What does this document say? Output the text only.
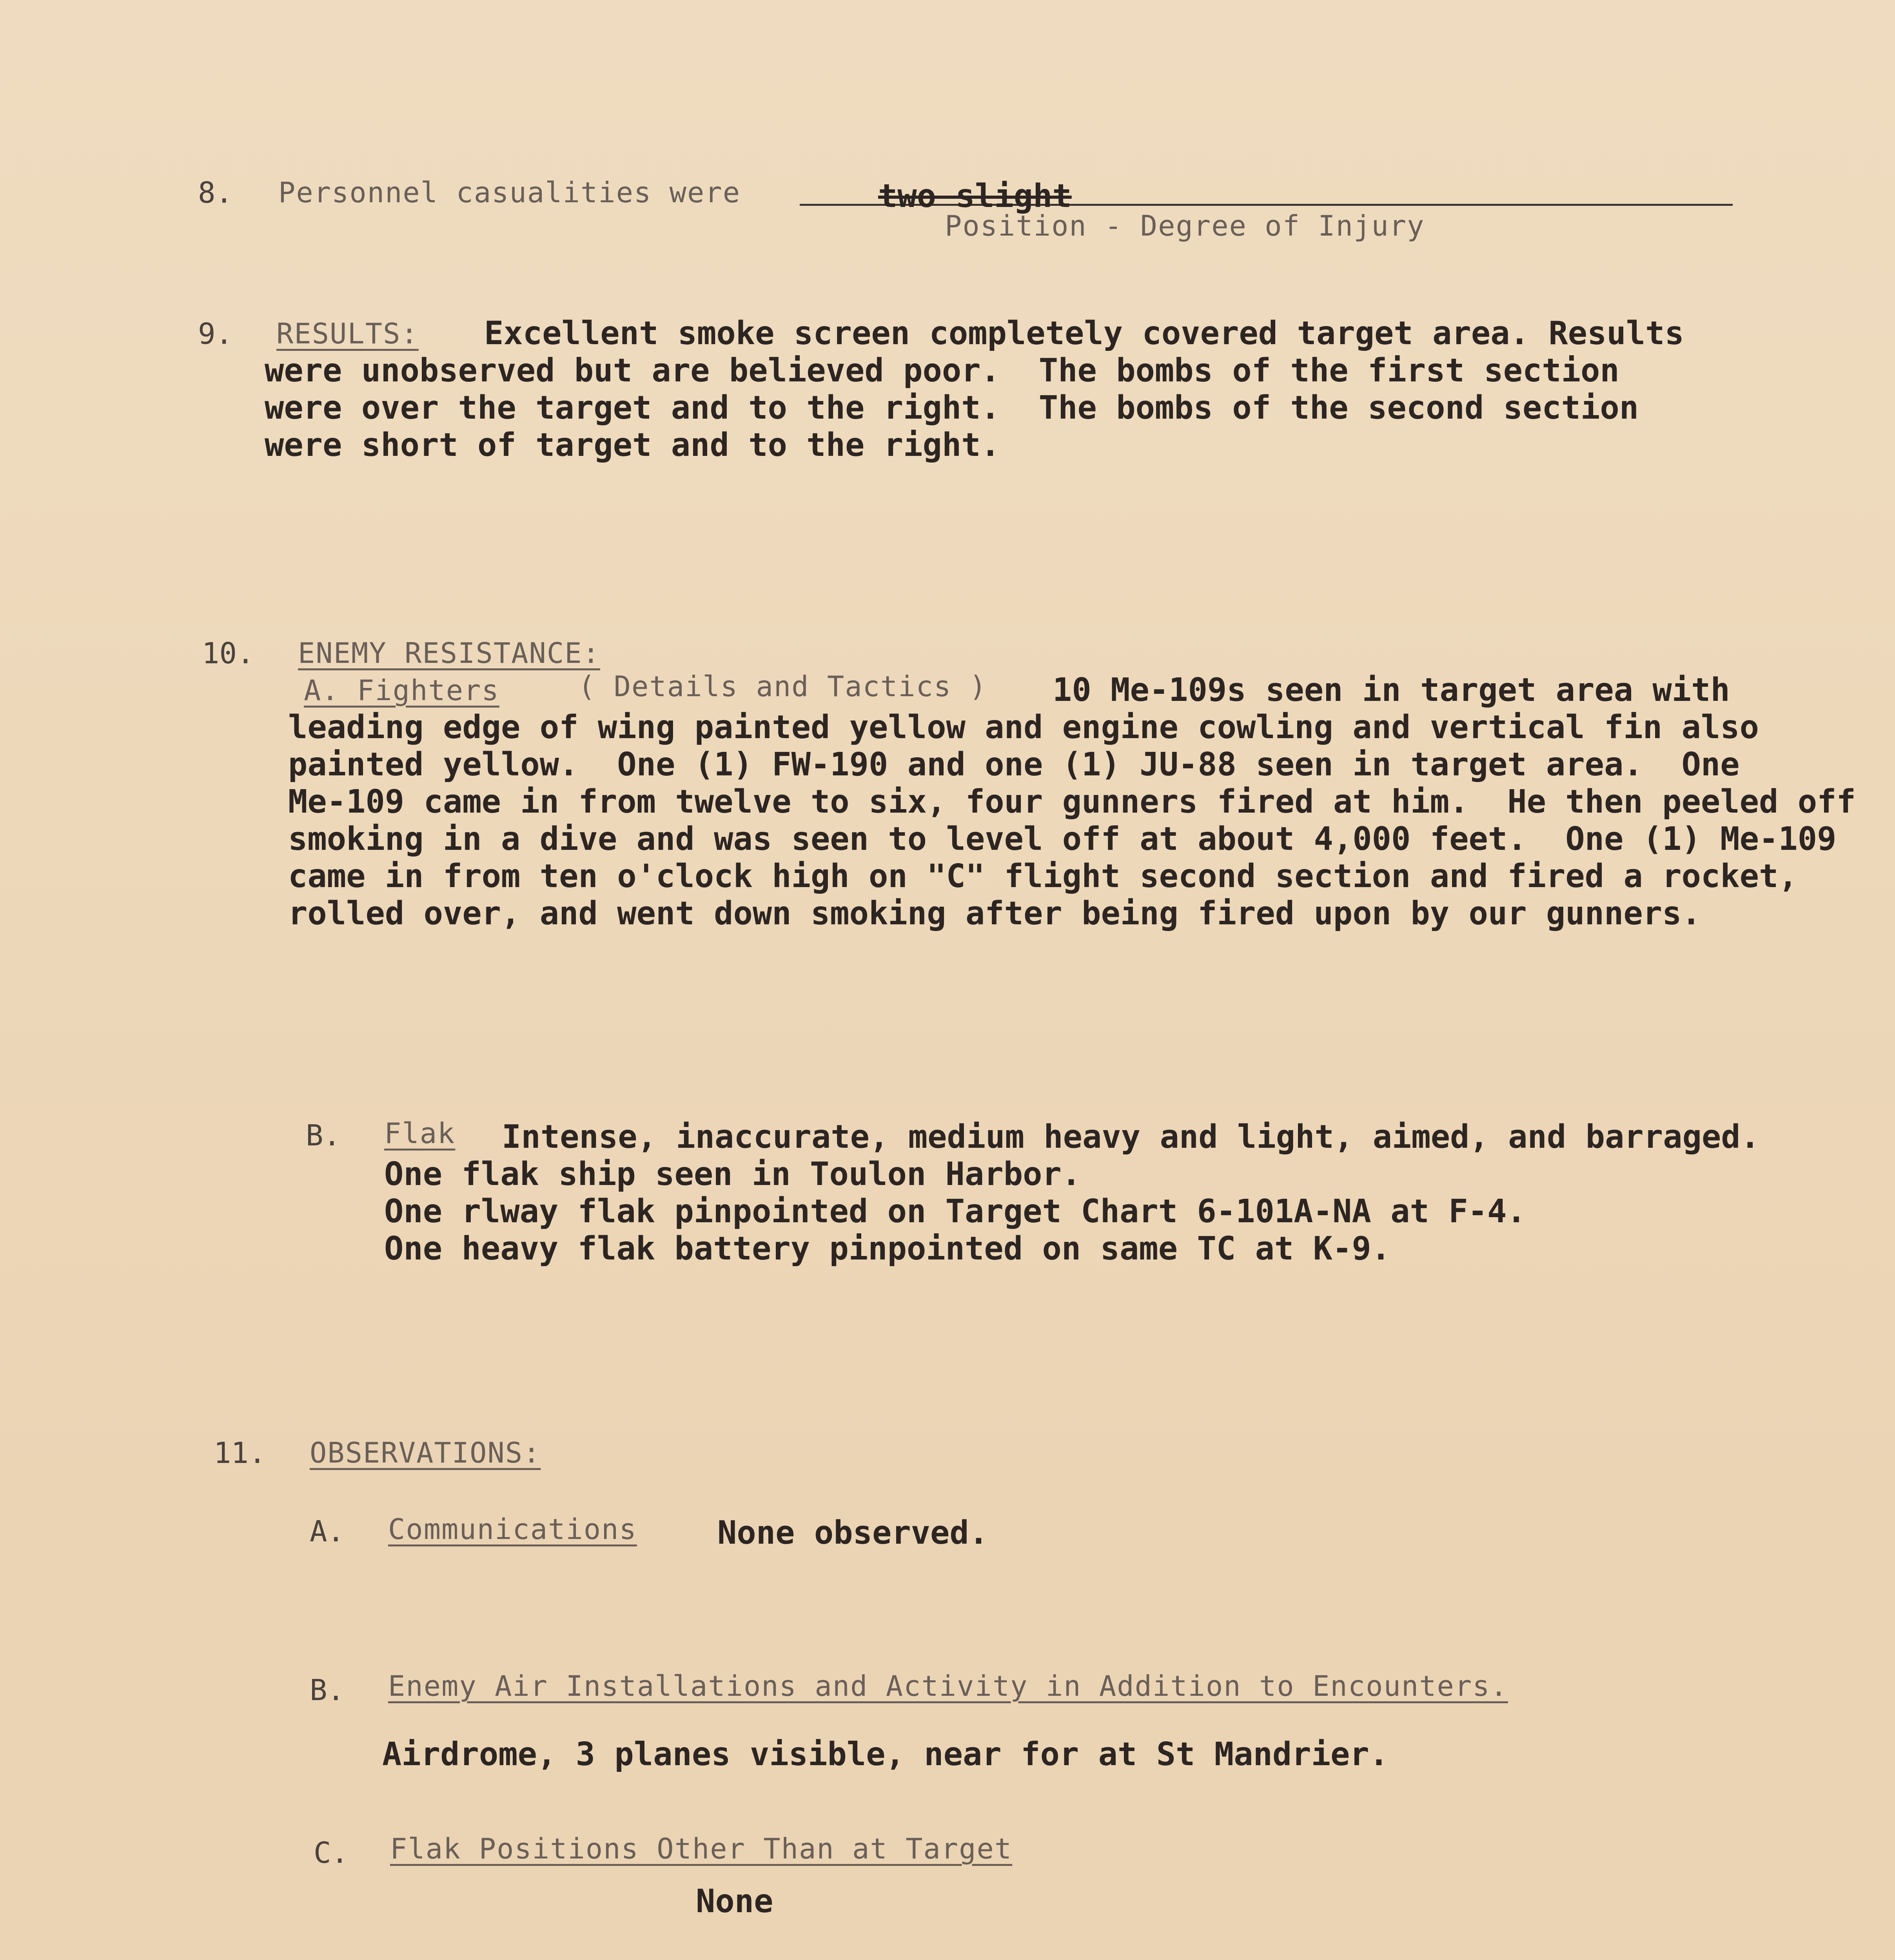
8. Personnel casualities were	two slight
Position - Degree of Injury
9. RESULTS: Excellent smoke screen completely covered target area. Results
were unobserved but are believed poor.  The bombs of the first section
were over the target and to the right.  The bombs of the second section
were short of target and to the right.
10. ENEMY RESISTANCE:
A. Fighters	( Details and Tactics ) 10 Me-109s seen in target area with
leading edge of wing painted yellow and engine cowling and vertical fin also
painted yellow.  One (1) FW-190 and one (1) JU-88 seen in target area.  One
Me-109 came in from twelve to six, four gunners fired at him.  He then peeled off
smoking in a dive and was seen to level off at about 4,000 feet.  One (1) Me-109
came in from ten o'clock high on "C" flight second section and fired a rocket,
rolled over, and went down smoking after being fired upon by our gunners.
B. Flak Intense, inaccurate, medium heavy and light, aimed, and barraged.
One flak ship seen in Toulon Harbor.
One rlway flak pinpointed on Target Chart 6-101A-NA at F-4.
One heavy flak battery pinpointed on same TC at K-9.
11. OBSERVATIONS:
A. Communications	None observed.
B. Enemy Air Installations and Activity in Addition to Encounters.
Airdrome, 3 planes visible, near for at St Mandrier.
C. Flak Positions Other Than at Target
None
